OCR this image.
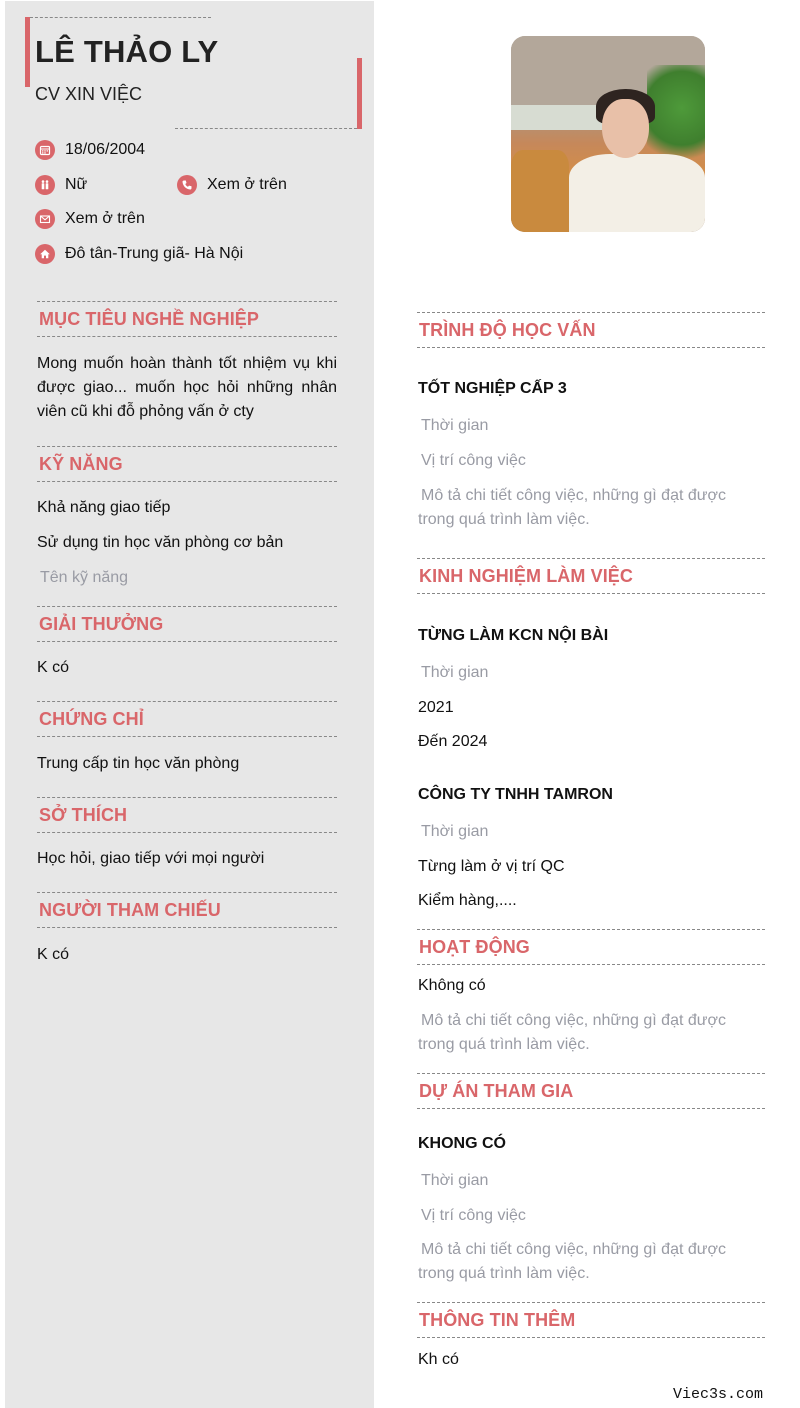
LÊ THẢO LY
CV XIN VIỆC
18/06/2004
Nữ	Xem ở trên
Xem ở trên
Đô tân-Trung giã- Hà Nội
MỤC TIÊU NGHỀ NGHIỆP
Mong muốn hoàn thành tốt nhiệm vụ khi được giao... muốn học hỏi những nhân viên cũ khi đỗ phỏng vấn ở cty
KỸ NĂNG
Khả năng giao tiếp
Sử dụng tin học văn phòng cơ bản
Tên kỹ năng
GIẢI THƯỞNG
K có
CHỨNG CHỈ
Trung cấp tin học văn phòng
SỞ THÍCH
Học hỏi, giao tiếp với mọi người
NGƯỜI THAM CHIẾU
K có
TRÌNH ĐỘ HỌC VẤN
TỐT NGHIỆP CẤP 3
Thời gian
Vị trí công việc
Mô tả chi tiết công việc, những gì đạt được trong quá trình làm việc.
KINH NGHIỆM LÀM VIỆC
TỪNG LÀM KCN NỘI BÀI
Thời gian
2021
Đến 2024
CÔNG TY TNHH TAMRON
Thời gian
Từng làm ở vị trí QC
Kiểm hàng,....
HOẠT ĐỘNG
Không có
Mô tả chi tiết công việc, những gì đạt được trong quá trình làm việc.
DỰ ÁN THAM GIA
KHONG CÓ
Thời gian
Vị trí công việc
Mô tả chi tiết công việc, những gì đạt được trong quá trình làm việc.
THÔNG TIN THÊM
Kh có
Viec3s.com
